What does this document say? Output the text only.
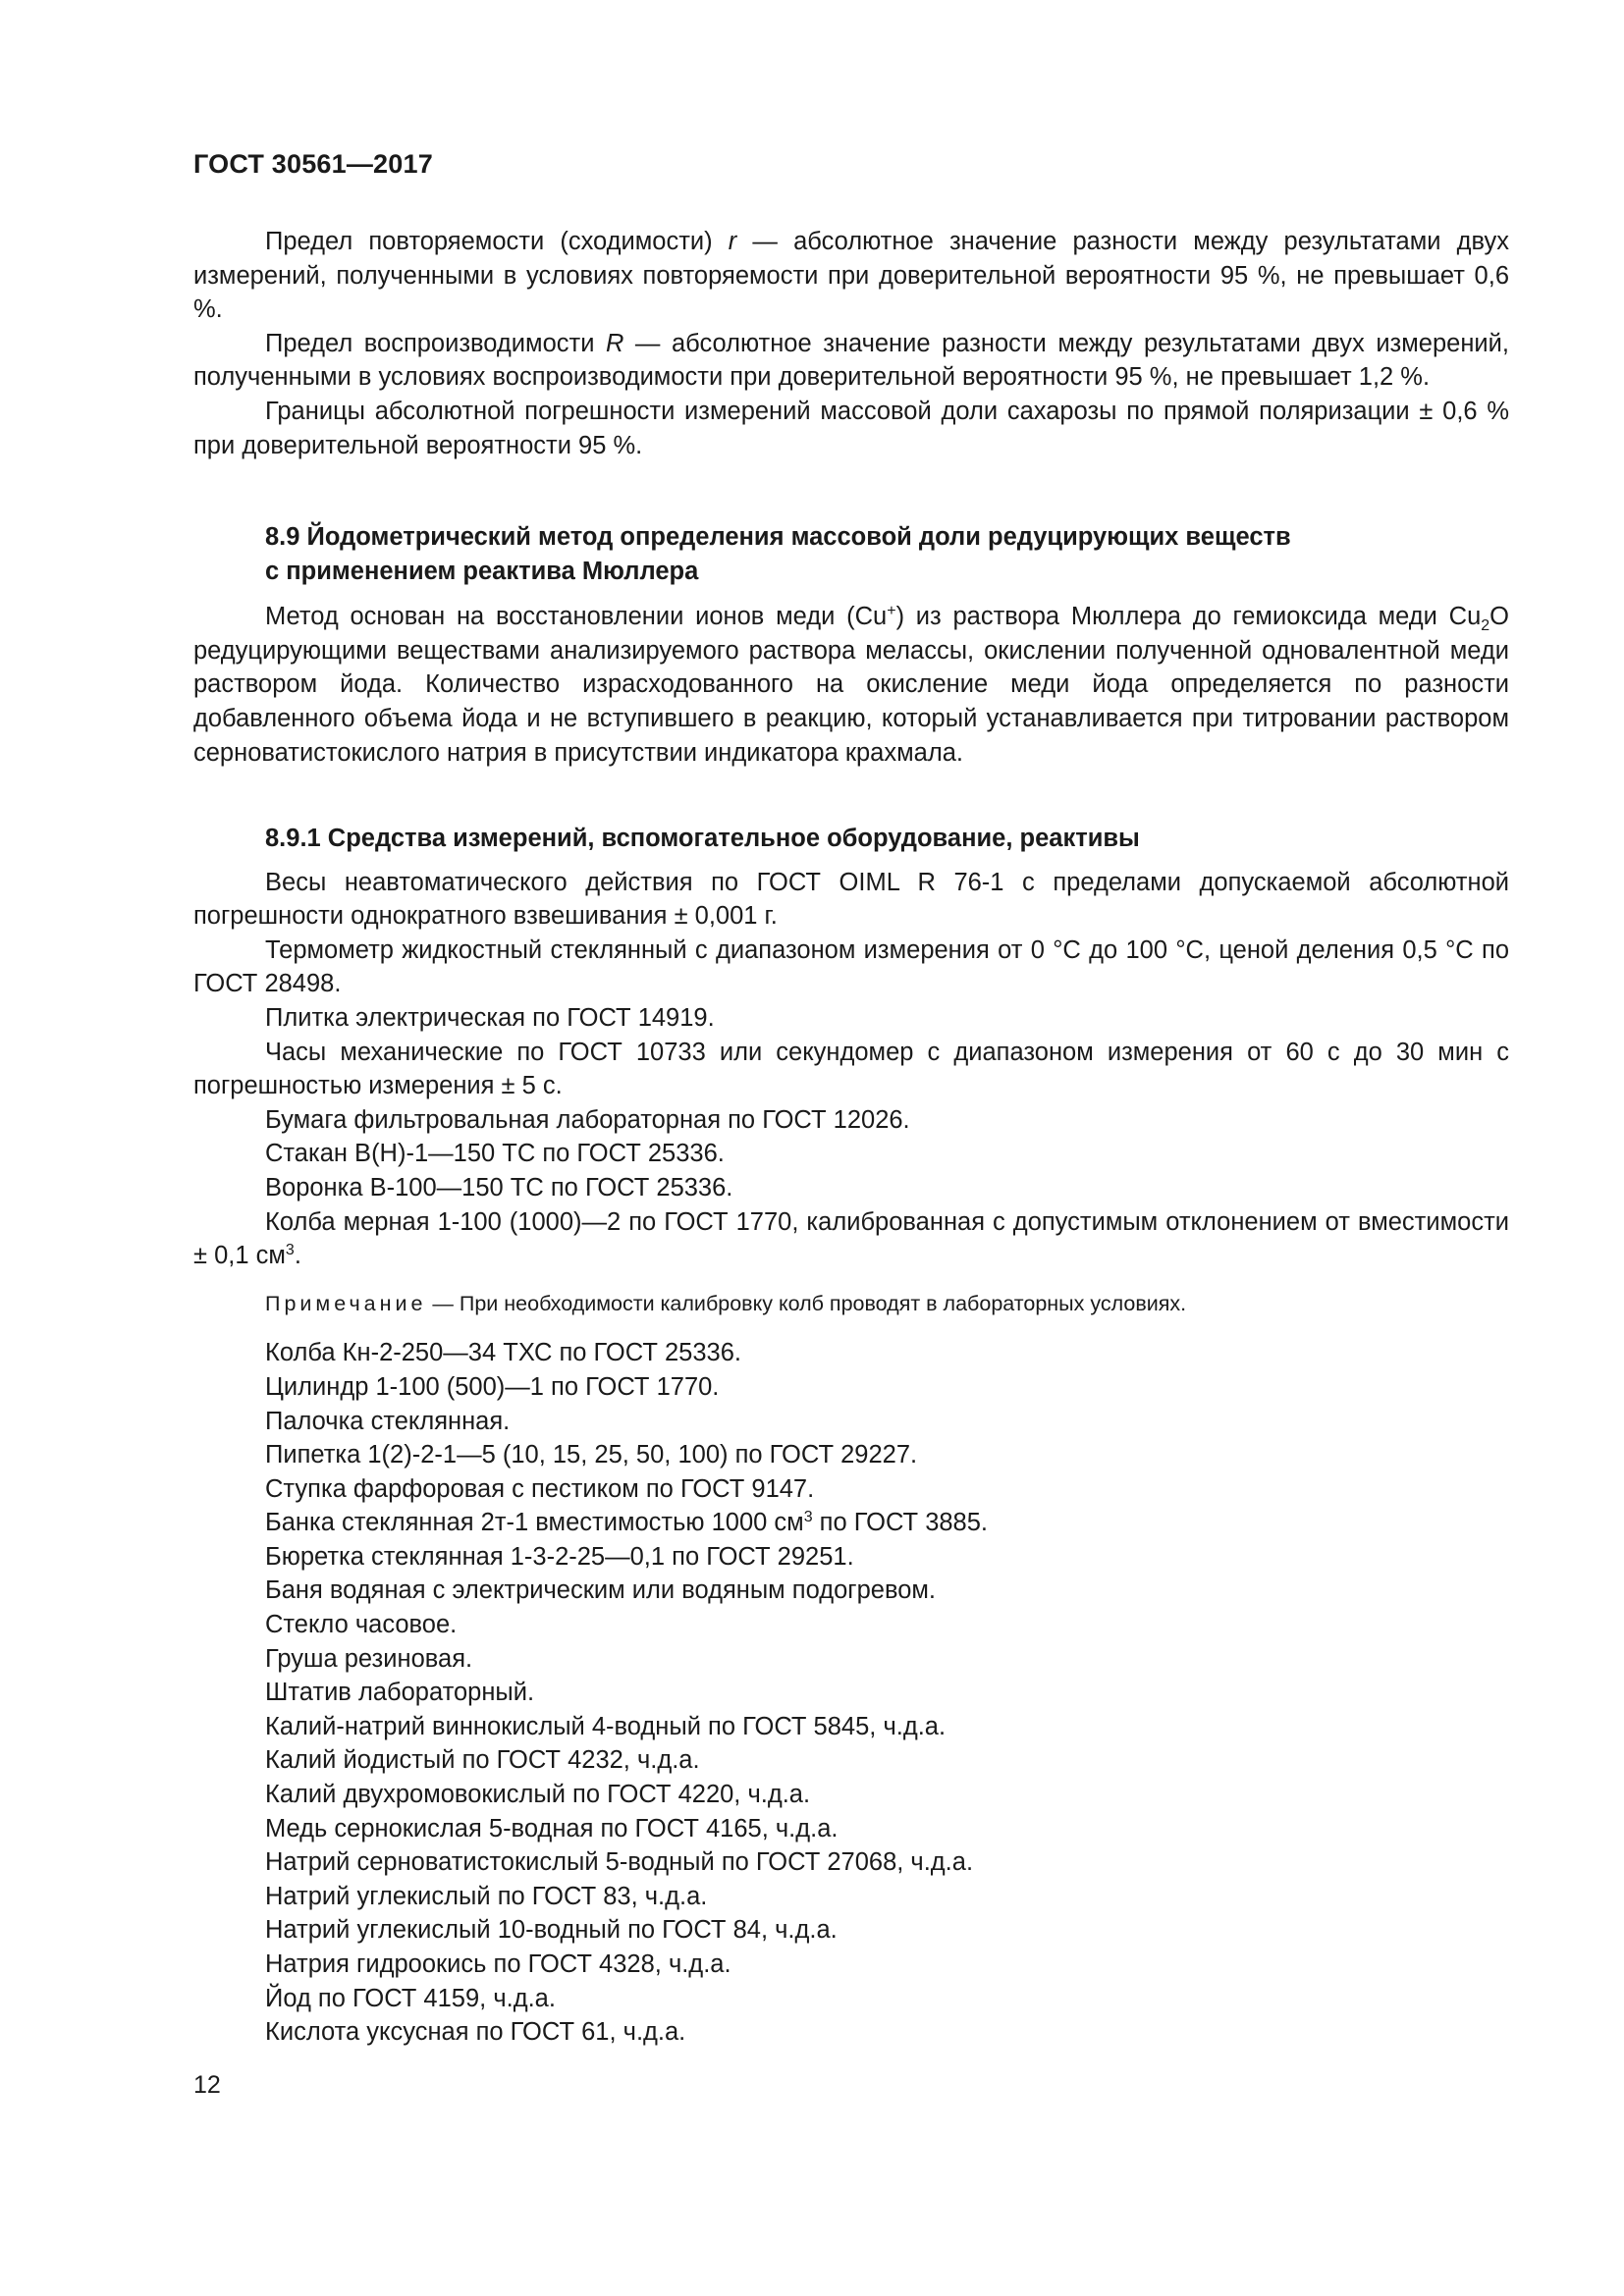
ГОСТ 30561—2017

Предел повторяемости (сходимости) r — абсолютное значение разности между результатами двух измерений, полученными в условиях повторяемости при доверительной вероятности 95 %, не превышает 0,6 %.

Предел воспроизводимости R — абсолютное значение разности между результатами двух измерений, полученными в условиях воспроизводимости при доверительной вероятности 95 %, не превышает 1,2 %.

Границы абсолютной погрешности измерений массовой доли сахарозы по прямой поляризации ± 0,6 % при доверительной вероятности 95 %.

8.9 Йодометрический метод определения массовой доли редуцирующих веществ
с применением реактива Мюллера

Метод основан на восстановлении ионов меди (Cu+) из раствора Мюллера до гемиоксида меди $Cu_2O$ редуцирующими веществами анализируемого раствора мелассы, окислении полученной одновалентной меди раствором йода. Количество израсходованного на окисление меди йода определяется по разности добавленного объема йода и не вступившего в реакцию, который устанавливается при титровании раствором серноватистокислого натрия в присутствии индикатора крахмала.

8.9.1 Средства измерений, вспомогательное оборудование, реактивы

Весы неавтоматического действия по ГОСТ OIML R 76-1 с пределами допускаемой абсолютной погрешности однократного взвешивания ± 0,001 г.

Термометр жидкостный стеклянный с диапазоном измерения от 0 °С до 100 °С, ценой деления 0,5 °С по ГОСТ 28498.

Плитка электрическая по ГОСТ 14919.

Часы механические по ГОСТ 10733 или секундомер с диапазоном измерения от 60 с до 30 мин с погрешностью измерения ± 5 с.

Бумага фильтровальная лабораторная по ГОСТ 12026.

Стакан В(Н)-1—150 ТС по ГОСТ 25336.

Воронка В-100—150 ТС по ГОСТ 25336.

Колба мерная 1-100 (1000)—2 по ГОСТ 1770, калиброванная с допустимым отклонением от вместимости ± 0,1 $см^3$.

Примечание — При необходимости калибровку колб проводят в лабораторных условиях.

Колба Кн-2-250—34 ТХС по ГОСТ 25336.

Цилиндр 1-100 (500)—1 по ГОСТ 1770.

Палочка стеклянная.

Пипетка 1(2)-2-1—5 (10, 15, 25, 50, 100) по ГОСТ 29227.

Ступка фарфоровая с пестиком по ГОСТ 9147.

Банка стеклянная 2т-1 вместимостью 1000 $см^3$ по ГОСТ 3885.

Бюретка стеклянная 1-3-2-25—0,1 по ГОСТ 29251.

Баня водяная с электрическим или водяным подогревом.

Стекло часовое.

Груша резиновая.

Штатив лабораторный.

Калий-натрий виннокислый 4-водный по ГОСТ 5845, ч.д.а.

Калий йодистый по ГОСТ 4232, ч.д.а.

Калий двухромовокислый по ГОСТ 4220, ч.д.а.

Медь сернокислая 5-водная по ГОСТ 4165, ч.д.а.

Натрий серноватистокислый 5-водный по ГОСТ 27068, ч.д.а.

Натрий углекислый по ГОСТ 83, ч.д.а.

Натрий углекислый 10-водный по ГОСТ 84, ч.д.а.

Натрия гидроокись по ГОСТ 4328, ч.д.а.

Йод по ГОСТ 4159, ч.д.а.

Кислота уксусная по ГОСТ 61, ч.д.а.

12
